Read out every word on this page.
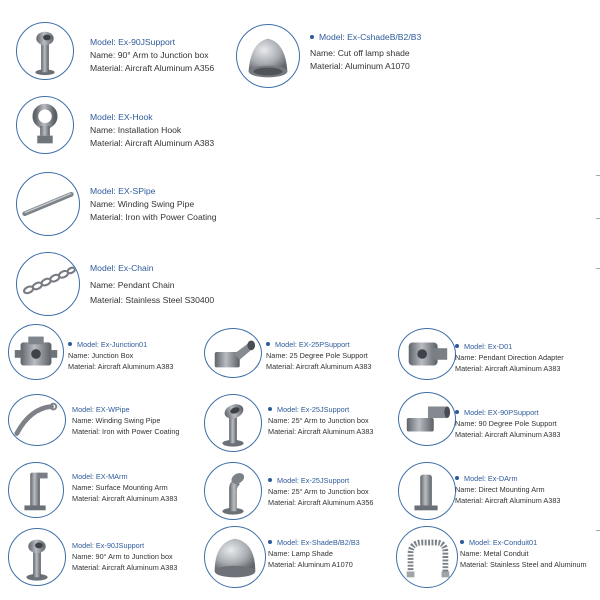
Model: Ex-90JSupport
Name: 90° Arm to Junction box
Material: Aircraft Aluminum A356
Model: Ex-CshadeB/B2/B3
Name: Cut off lamp shade
Material: Aluminum A1070
Model: EX-Hook
Name: Installation Hook
Material: Aircraft Aluminum A383
Model: EX-SPipe
Name: Winding Swing Pipe
Material: Iron with Power Coating
Model: Ex-Chain
Name: Pendant Chain
Material: Stainless Steel S30400
Model: Ex-Junction01
Name: Junction Box
Material: Aircraft Aluminum A383
Model: EX-25PSupport
Name: 25 Degree Pole Support
Material: Aircraft Aluminum A383
Model: Ex-D01
Name: Pendant Direction Adapter
Material: Aircraft Aluminum A383
Model: EX-WPipe
Name: Winding Swing Pipe
Material: Iron with Power Coating
Model: Ex-25JSupport
Name: 25° Arm to Junction box
Material: Aircraft Aluminum A383
Model: EX-90PSupport
Name: 90 Degree Pole Support
Material: Aircraft Aluminum A383
Model: EX-MArm
Name: Surface Mounting Arm
Material: Aircraft Aluminum A383
Model: Ex-25JSupport
Name: 25° Arm to Junction box
Material: Aircraft Aluminum A356
Model: Ex-DArm
Name: Direct Mounting Arm
Material: Aircraft Aluminum A383
Model: Ex-90JSupport
Name: 90° Arm to Junction box
Material: Aircraft Aluminum A383
Model: Ex-ShadeB/B2/B3
Name: Lamp Shade
Material: Aluminum A1070
Model: Ex-Conduit01
Name: Metal Conduit
Material: Stainless Steel and Aluminum
